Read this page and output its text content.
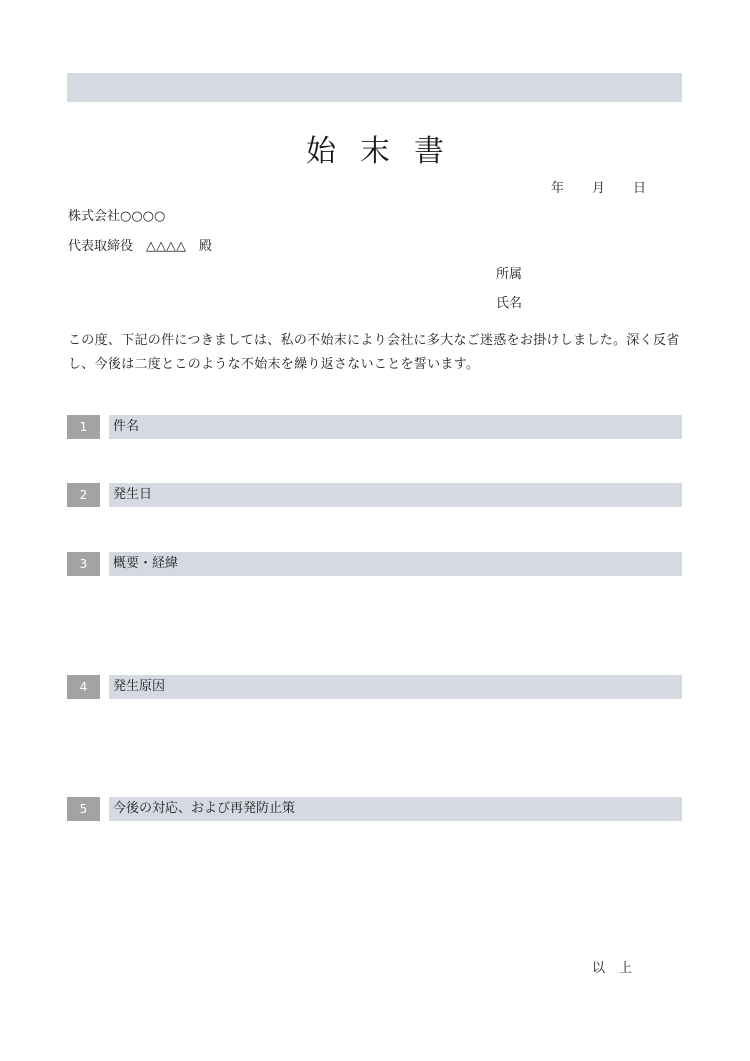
始末書
年 月 日
株式会社○○○○
代表取締役　△△△△　殿
所属
氏名
この度、下記の件につきましては、私の不始末により会社に多大なご迷惑をお掛けしました。深く反省し、今後は二度とこのような不始末を繰り返さないことを誓います。
1	件名
2	発生日
3	概要・経緯
4	発生原因
5	今後の対応、および再発防止策
以上
